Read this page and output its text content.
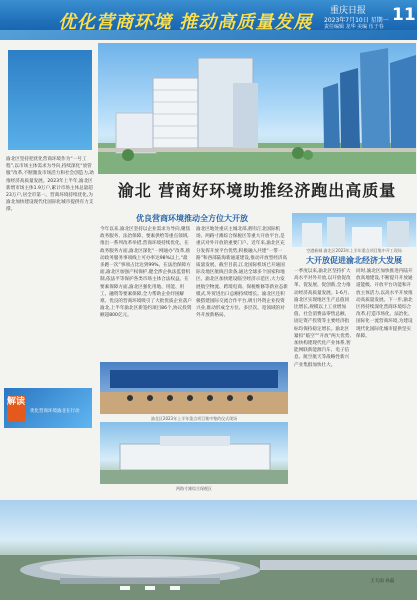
优化营商环境 推动高质量发展
重庆日报
2023年7月10日 星期一
责任编辑 龙华 美编 伍于春
11
渝北区坚持把优化营商环境作为“一号工程”,以市场主体需求为导向,持续深化“放管服”改革,不断激发市场活力和社会创造力,助推经济高质量发展。2023年上半年,渝北区新增市场主体1.9万户,累计市场主体总量超23万户,居全市第一。营商环境持续优化,为渝北加快建设现代化国际化城市提供有力支撑。
解读
优化营商环境渝北在行动
渝北 营商好环境助推经济跑出高质量
优良营商环境推动全方位大开放
今年以来,渝北区坚持以企业需求为导向,聚焦政务服务、法治保障、要素供给等重点领域,推出一系列改革举措,营商环境持续优化。在政务服务方面,渝北区深化“一网通办”改革,推动政务服务事项线上可办率达98%以上,“最多跑一次”事项占比达到99%。在法治保障方面,渝北区加强产权保护,健全涉企执法监督机制,依法平等保护各类市场主体合法权益。在要素保障方面,渝北区强化用地、用能、用工、融资等要素保障,全力帮助企业纾困解难。优良的营商环境吸引了大批优质企业落户渝北,上半年渝北区新签约项目86个,协议投资额超800亿元。
渝北区地处重庆主城北部,拥有江北国际机场、两路寸滩综合保税区等重大开放平台,是重庆对外开放的重要门户。近年来,渝北区充分发挥开放平台优势,积极融入共建“一带一路”和西部陆海新通道建设,推动开放型经济高质量发展。截至目前,江北国际机场已开通国际及地区航线百余条,通达全球多个国家和地区。渝北区加快建设临空经济示范区,大力发展航空物流、跨境电商、保税维修等新业态新模式,外贸进出口总额持续增长。渝北区还积极搭建国际交流合作平台,吸引外资企业投资兴业,推动形成全方位、多层次、宽领域的对外开放新格局。
渝北区2023年上半年重点项目集中签约仪式现场
两路寸滩综合保税区
空港新城 渝北区2023年上半年重点项目集中开工现场
大开放促进渝北经济大发展
一季度以来,渝北区坚持扩大高水平对外开放,以开放促改革、促发展、促创新,全力推动经济高质量发展。1-6月,渝北区实现地区生产总值同比增长,规模以上工业增加值、社会消费品零售总额、固定资产投资等主要经济指标均保持稳定增长。渝北区紧扣“临空”“开放”两大优势,加快构建现代化产业体系,智能网联新能源汽车、电子信息、航空航天等战略性新兴产业集群加快壮大。
同时,渝北区加快推进内陆开放高地建设,不断提升开放通道能级、开放平台功能和开放主体活力,以高水平开放推动高质量发展。下一步,渝北区将持续深化营商环境综合改革,打造市场化、法治化、国际化一流营商环境,为建设现代化国际化城市提供坚实保障。
王天雨 孙磊
